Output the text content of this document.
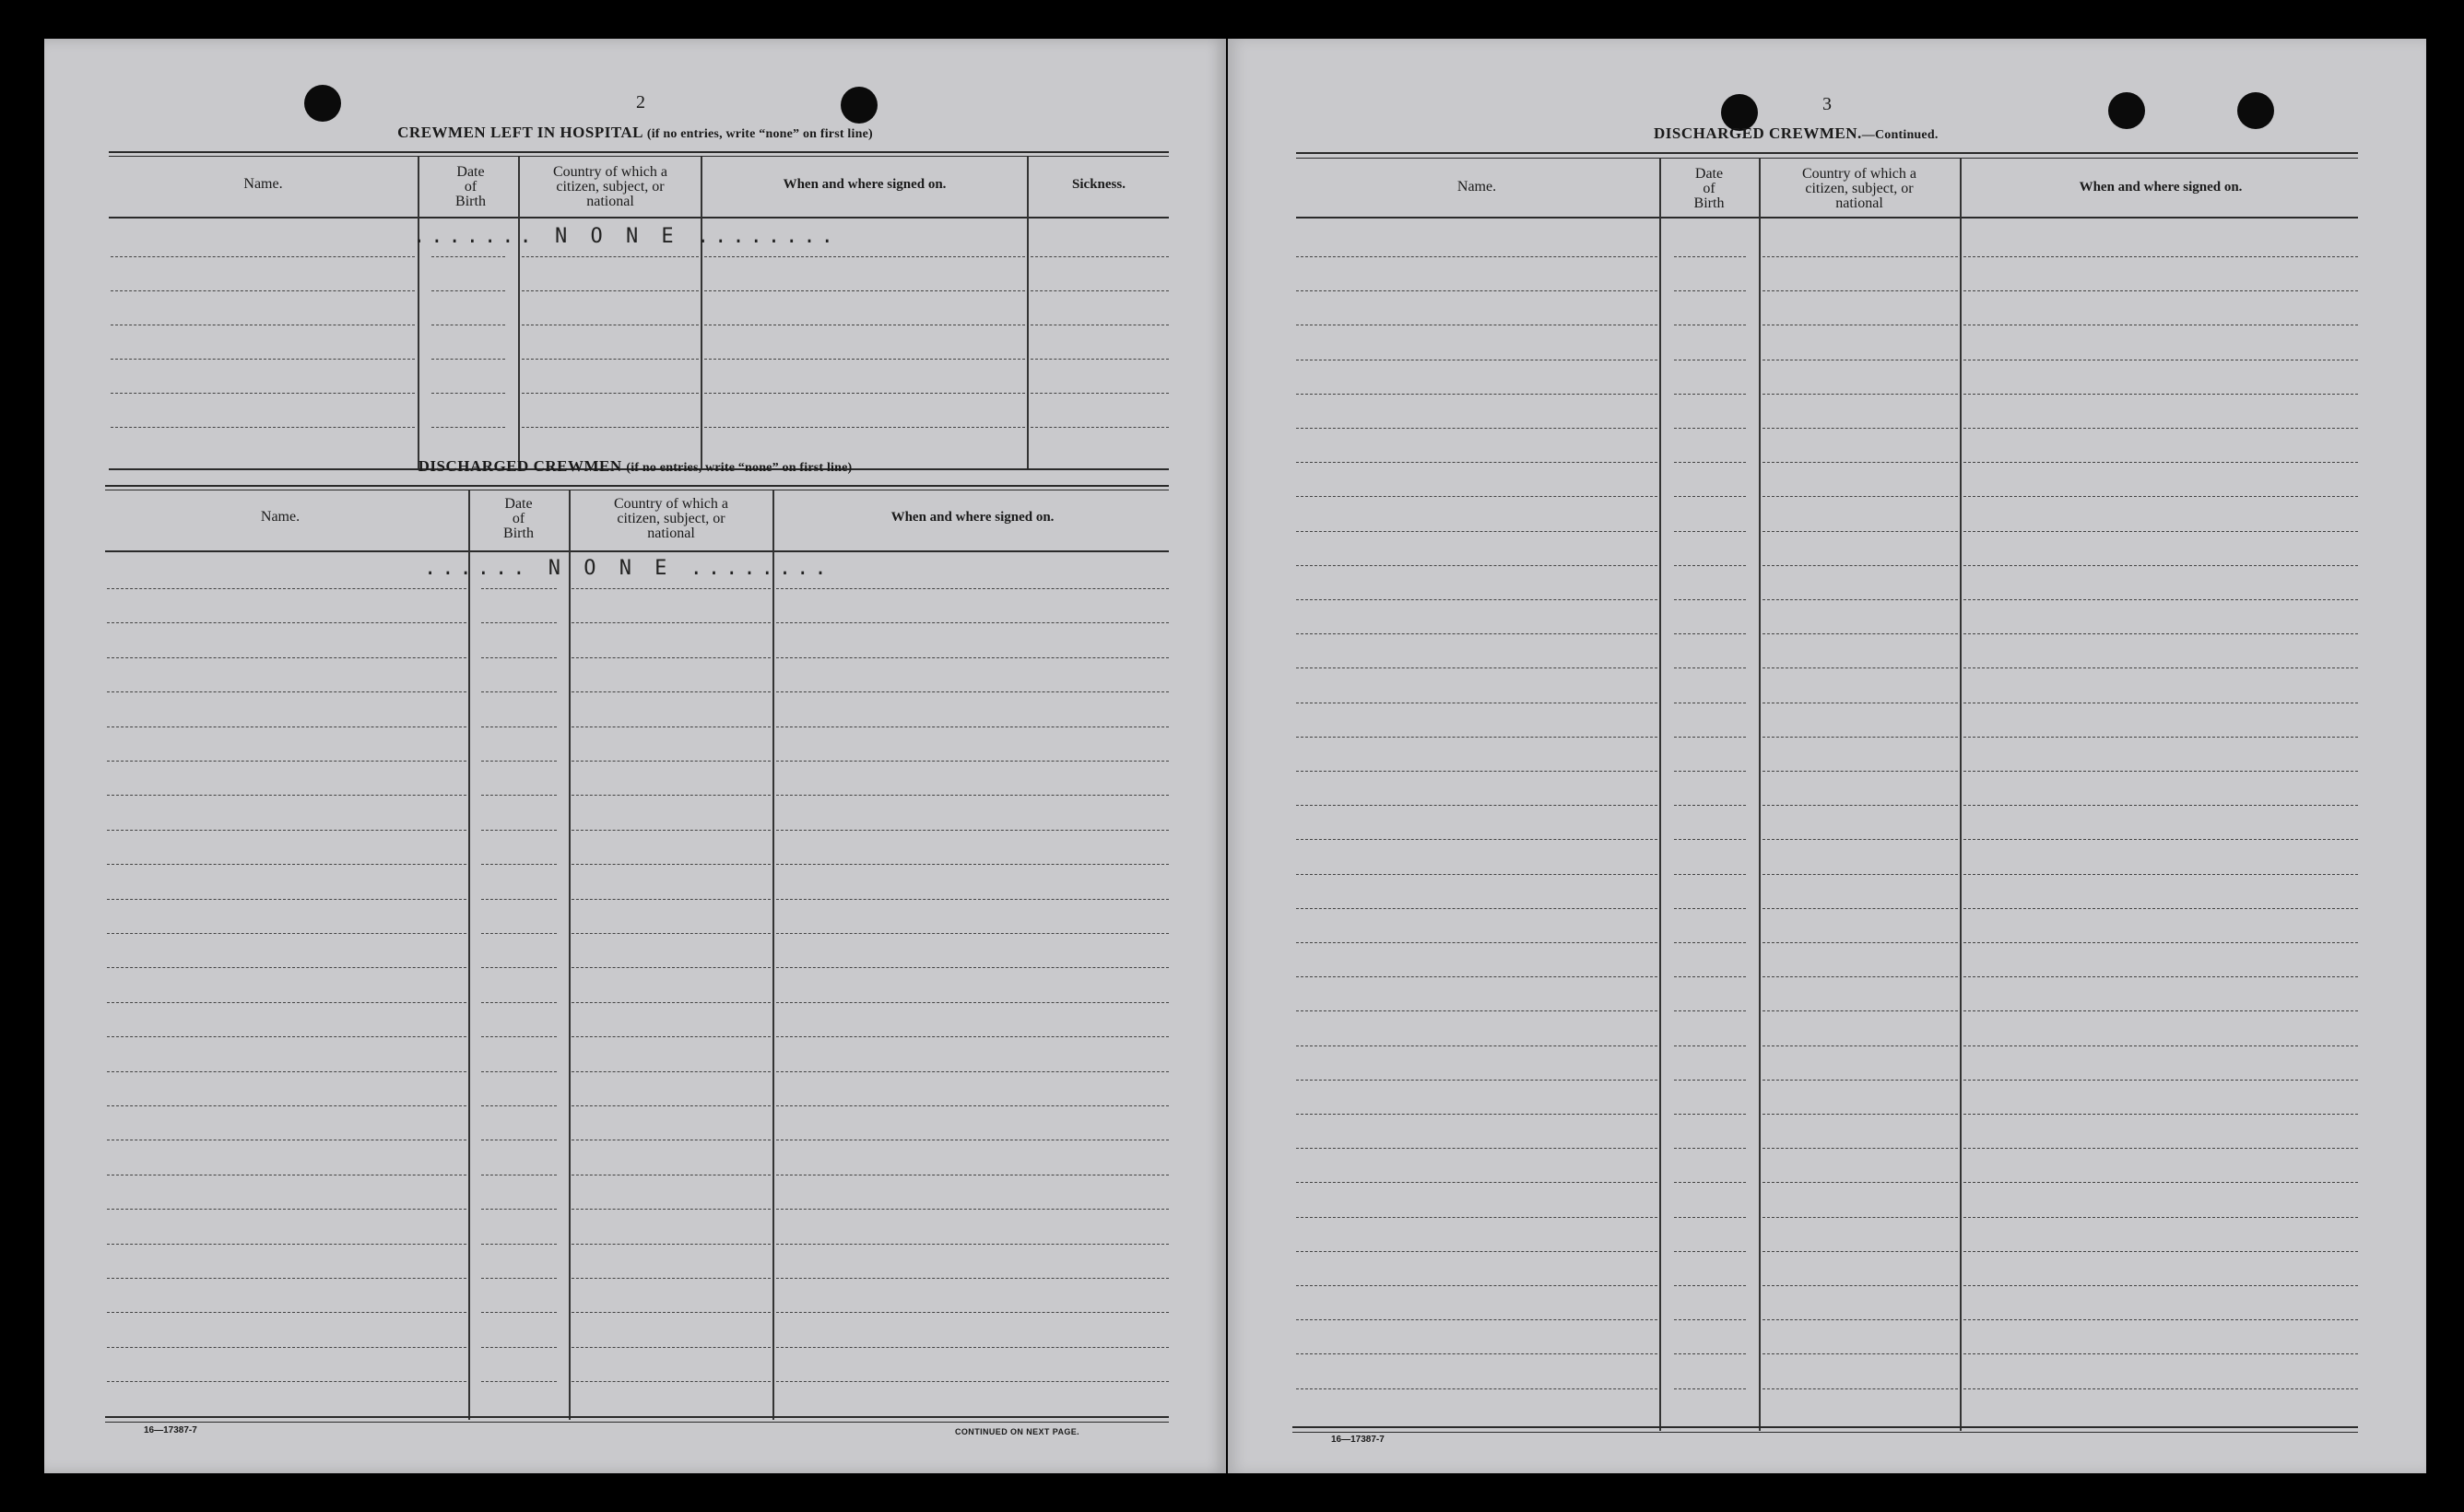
2
CREWMEN LEFT IN HOSPITAL (if no entries, write “none” on first line)
Name.
Date
of
Birth
Country of which a
citizen, subject, or
national
When and where signed on.	Sickness.
....... N O N E ........
DISCHARGED CREWMEN (if no entries, write “none” on first line)
Name.
Date
of
Birth
Country of which a
citizen, subject, or
national
When and where signed on.
...... N O N E ........
16—17387-7	CONTINUED ON NEXT PAGE.
3
DISCHARGED CREWMEN.—Continued.
Name.
Date
of
Birth
Country of which a
citizen, subject, or
national
When and where signed on.
16—17387-7
